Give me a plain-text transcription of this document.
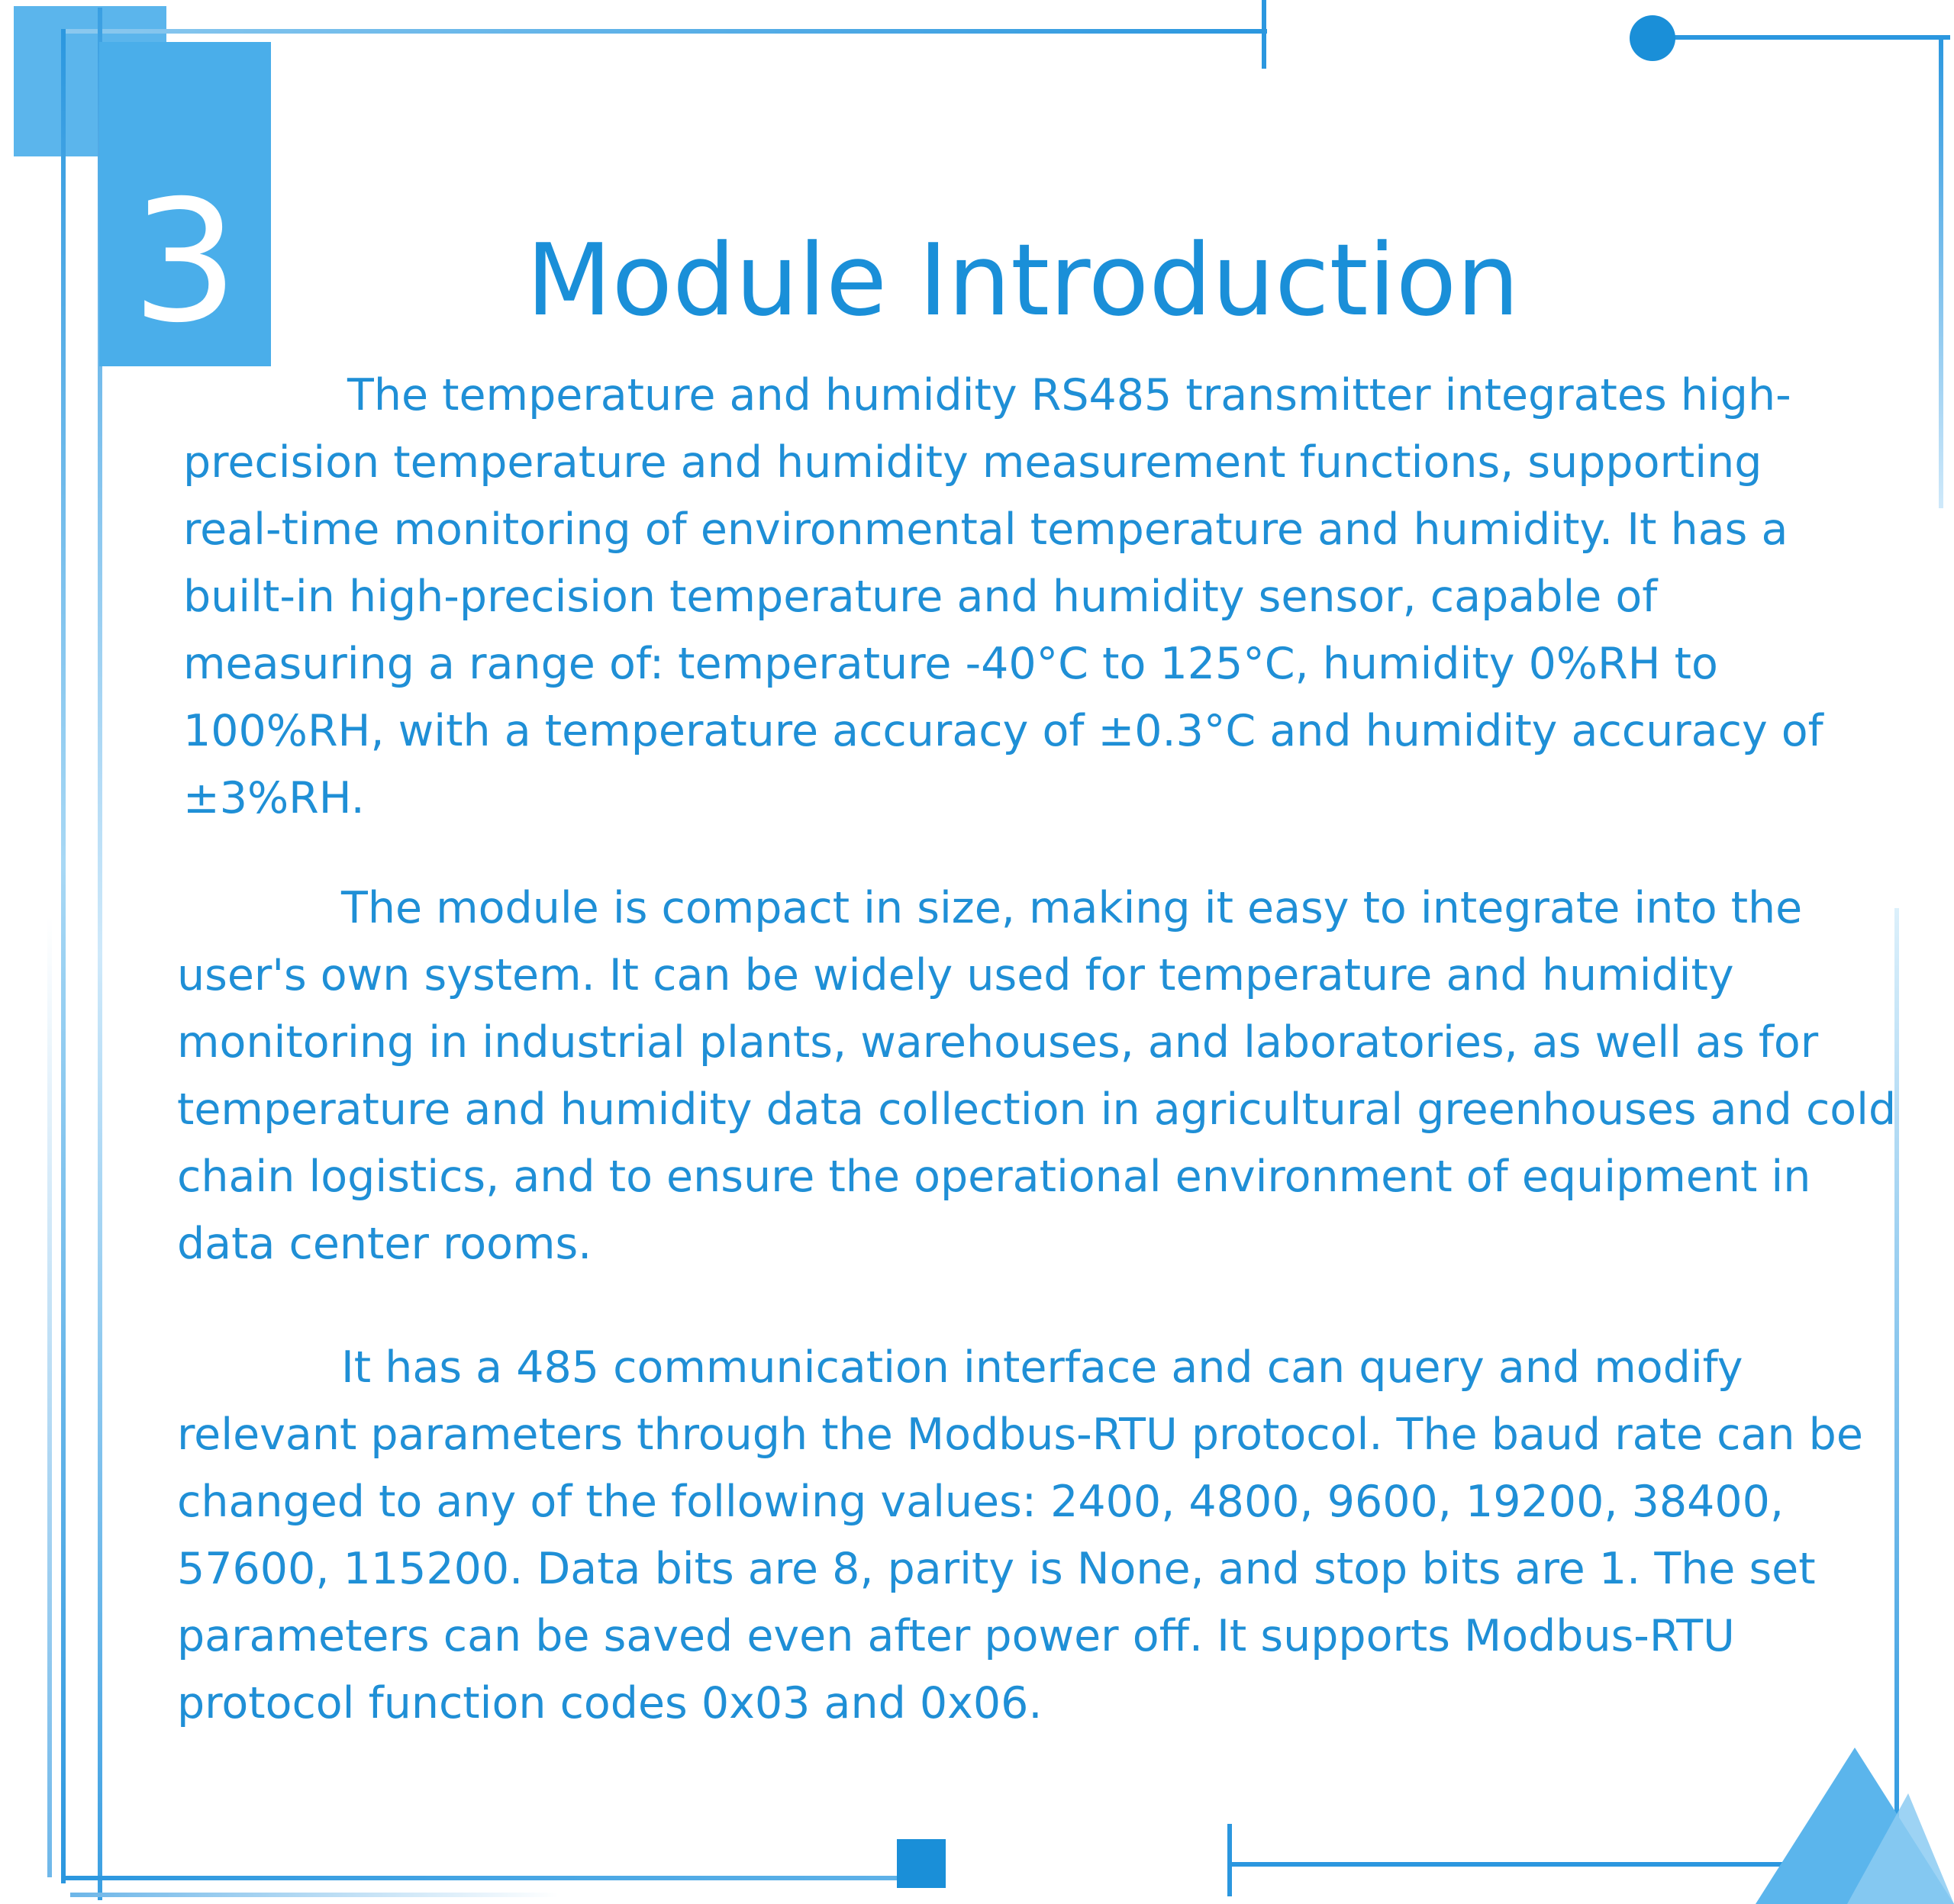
3	Module Introduction

The temperature and humidity RS485 transmitter integrates high-precision temperature and humidity measurement functions, supporting real-time monitoring of environmental temperature and humidity. It has a built-in high-precision temperature and humidity sensor, capable of measuring a range of: temperature -40°C to 125°C, humidity 0%RH to 100%RH, with a temperature accuracy of ±0.3°C and humidity accuracy of ±3%RH.

The module is compact in size, making it easy to integrate into the user's own system. It can be widely used for temperature and humidity monitoring in industrial plants, warehouses, and laboratories, as well as for temperature and humidity data collection in agricultural greenhouses and cold chain logistics, and to ensure the operational environment of equipment in data center rooms.

It has a 485 communication interface and can query and modify relevant parameters through the Modbus-RTU protocol. The baud rate can be changed to any of the following values: 2400, 4800, 9600, 19200, 38400, 57600, 115200. Data bits are 8, parity is None, and stop bits are 1. The set parameters can be saved even after power off. It supports Modbus-RTU protocol function codes 0x03 and 0x06.
